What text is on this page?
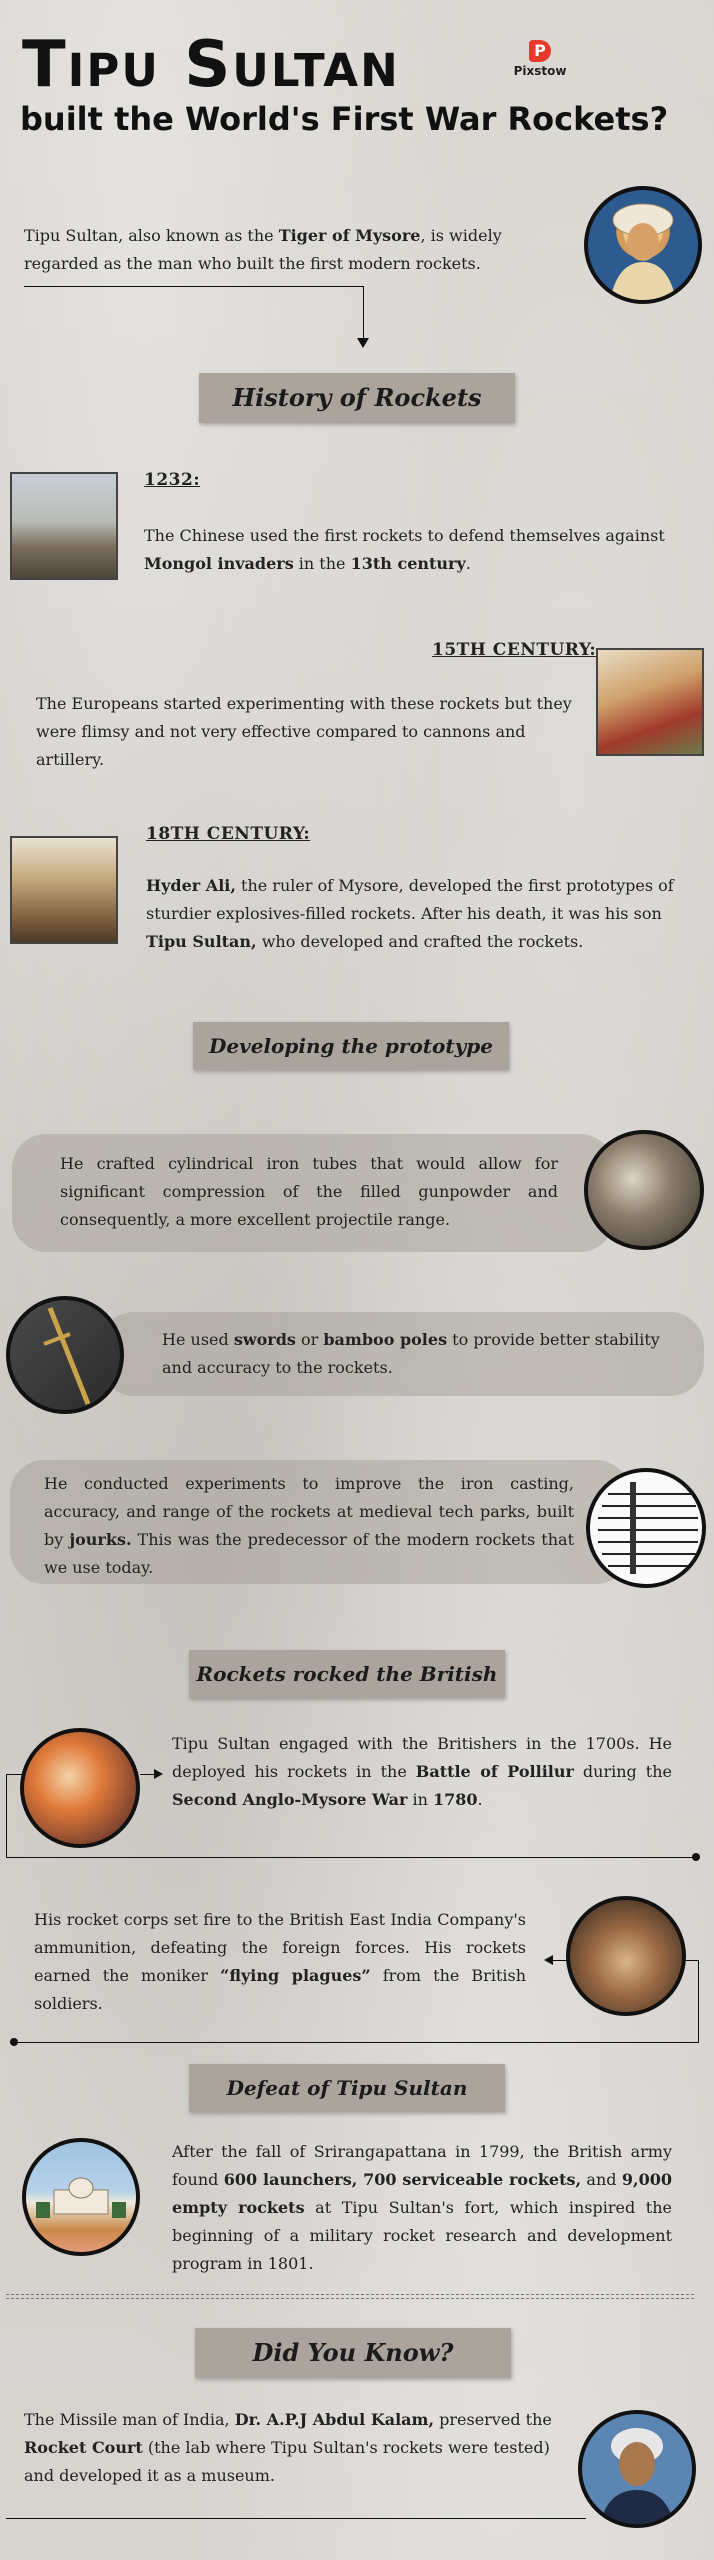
Tipu Sultan
built the World's First War Rockets?
P
Pixstow

Tipu Sultan, also known as the Tiger of Mysore, is widely regarded as the man who built the first modern rockets.

History of Rockets
1232:

The Chinese used the first rockets to defend themselves against Mongol invaders in the 13th century.

15TH CENTURY:

The Europeans started experimenting with these rockets but they were flimsy and not very effective compared to cannons and artillery.

18TH CENTURY:

Hyder Ali, the ruler of Mysore, developed the first prototypes of sturdier explosives-filled rockets. After his death, it was his son Tipu Sultan, who developed and crafted the rockets.

Developing the prototype

He crafted cylindrical iron tubes that would allow for significant compression of the filled gunpowder and consequently, a more excellent projectile range.

He used swords or bamboo poles to provide better stability and accuracy to the rockets.

He conducted experiments to improve the iron casting, accuracy, and range of the rockets at medieval tech parks, built by jourks. This was the predecessor of the modern rockets that we use today.

Rockets rocked the British

Tipu Sultan engaged with the Britishers in the 1700s. He deployed his rockets in the Battle of Pollilur during the Second Anglo-Mysore War in 1780.

His rocket corps set fire to the British East India Company's ammunition, defeating the foreign forces. His rockets earned the moniker “flying plagues” from the British soldiers.

Defeat of Tipu Sultan

After the fall of Srirangapattana in 1799, the British army found 600 launchers, 700 serviceable rockets, and 9,000 empty rockets at Tipu Sultan's fort, which inspired the beginning of a military rocket research and development program in 1801.

Did You Know?

The Missile man of India, Dr. A.P.J Abdul Kalam, preserved the Rocket Court (the lab where Tipu Sultan's rockets were tested) and developed it as a museum.
